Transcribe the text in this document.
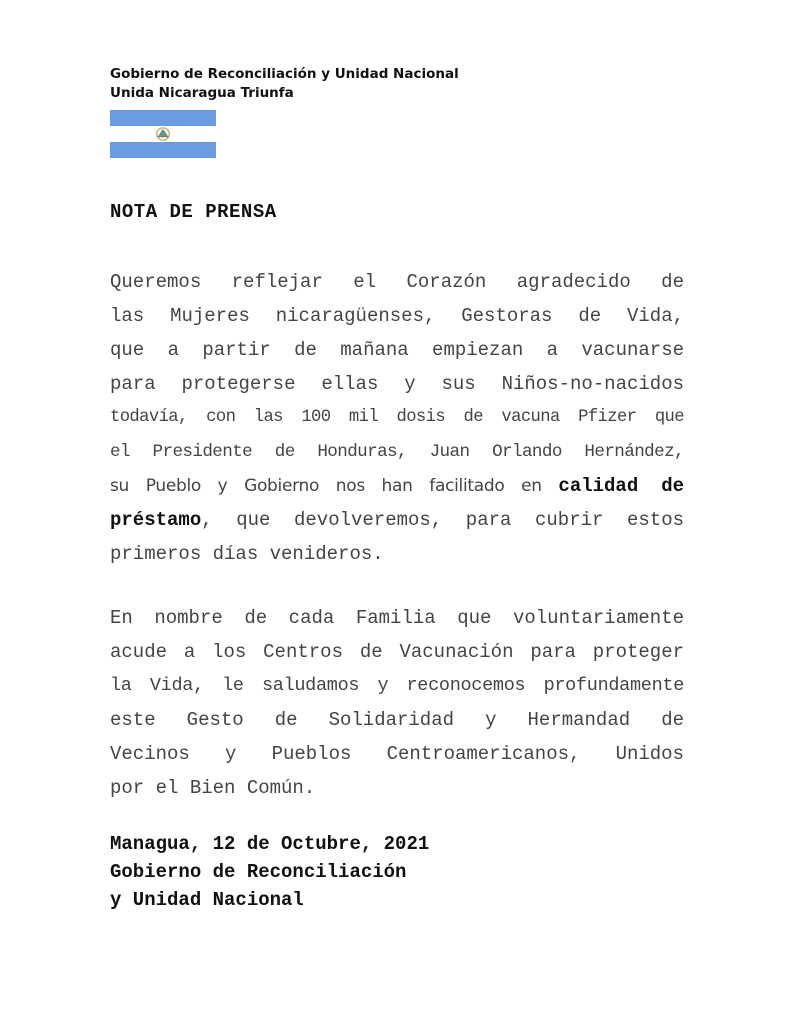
Gobierno de Reconciliación y Unidad Nacional
Unida Nicaragua Triunfa
NOTA DE PRENSA
Queremos reflejar el Corazón agradecido de
las Mujeres nicaragüenses, Gestoras de Vida,
que a partir de mañana empiezan a vacunarse
para protegerse ellas y sus Niños-no-nacidos
todavía, con las 100 mil dosis de vacuna Pfizer que
el Presidente de Honduras, Juan Orlando Hernández,
su Pueblo y Gobierno nos han facilitado en calidad de
préstamo, que devolveremos, para cubrir estos
primeros días venideros.
En nombre de cada Familia que voluntariamente
acude a los Centros de Vacunación para proteger
la Vida, le saludamos y reconocemos profundamente
este Gesto de Solidaridad y Hermandad de
Vecinos y Pueblos Centroamericanos, Unidos
por el Bien Común.
Managua, 12 de Octubre, 2021
Gobierno de Reconciliación
y Unidad Nacional
